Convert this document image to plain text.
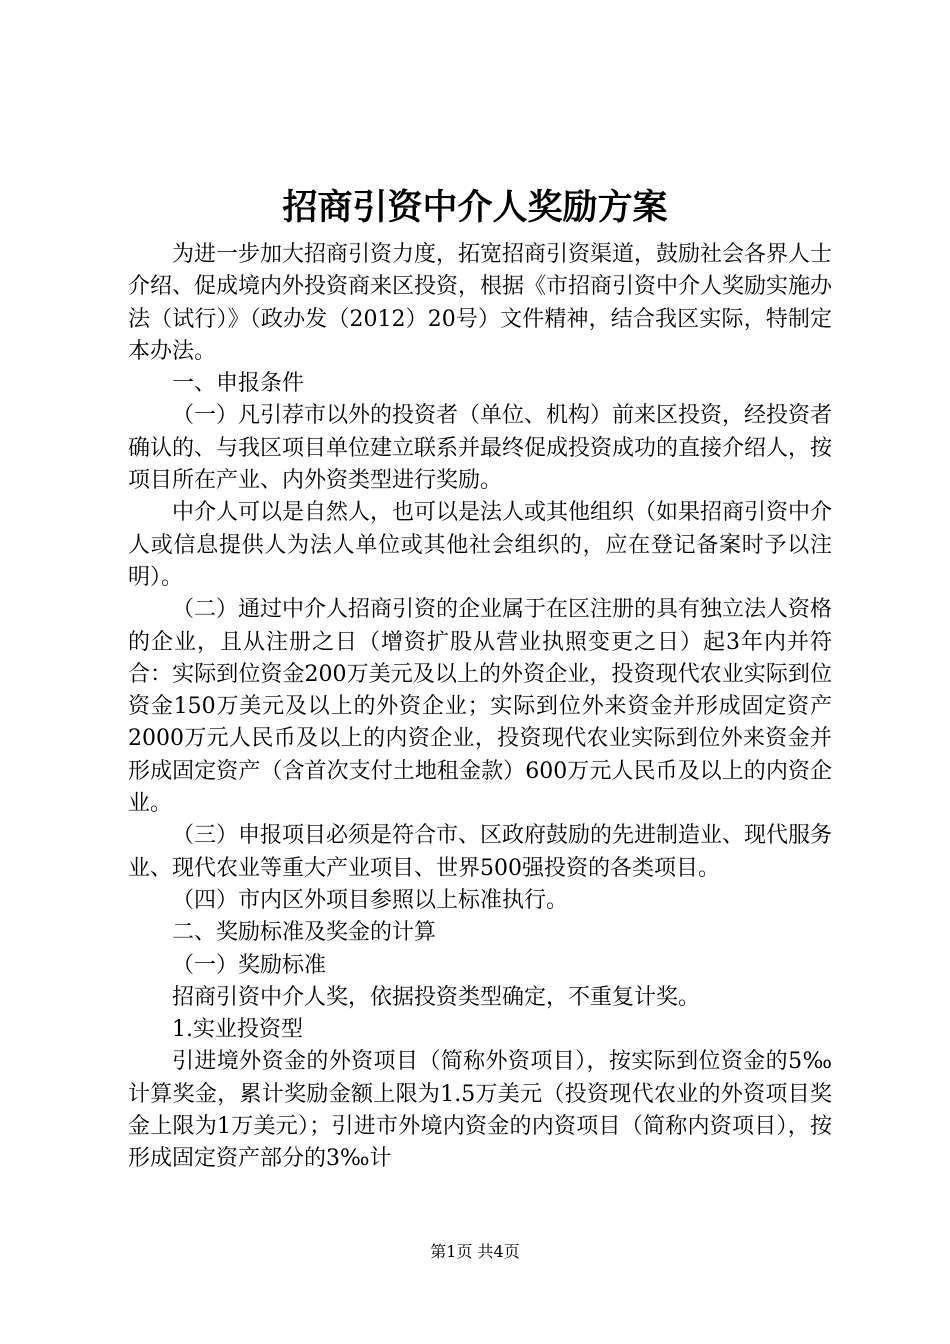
招商引资中介人奖励方案

为进一步加大招商引资力度，拓宽招商引资渠道，鼓励社会各界人士介绍、促成境内外投资商来区投资，根据《市招商引资中介人奖励实施办法（试行）》（政办发（2012）20号）文件精神，结合我区实际，特制定本办法。

一、申报条件

（一）凡引荐市以外的投资者（单位、机构）前来区投资，经投资者确认的、与我区项目单位建立联系并最终促成投资成功的直接介绍人，按项目所在产业、内外资类型进行奖励。

中介人可以是自然人，也可以是法人或其他组织（如果招商引资中介人或信息提供人为法人单位或其他社会组织的，应在登记备案时予以注明）。

（二）通过中介人招商引资的企业属于在区注册的具有独立法人资格的企业，且从注册之日（增资扩股从营业执照变更之日）起3年内并符合：实际到位资金200万美元及以上的外资企业，投资现代农业实际到位资金150万美元及以上的外资企业；实际到位外来资金并形成固定资产2000万元人民币及以上的内资企业，投资现代农业实际到位外来资金并形成固定资产（含首次支付土地租金款）600万元人民币及以上的内资企业。

（三）申报项目必须是符合市、区政府鼓励的先进制造业、现代服务业、现代农业等重大产业项目、世界500强投资的各类项目。

（四）市内区外项目参照以上标准执行。

二、奖励标准及奖金的计算

（一）奖励标准

招商引资中介人奖，依据投资类型确定，不重复计奖。

1.实业投资型

引进境外资金的外资项目（简称外资项目），按实际到位资金的5‰计算奖金，累计奖励金额上限为1.5万美元（投资现代农业的外资项目奖金上限为1万美元）；引进市外境内资金的内资项目（简称内资项目），按形成固定资产部分的3‰计

第1页 共4页
